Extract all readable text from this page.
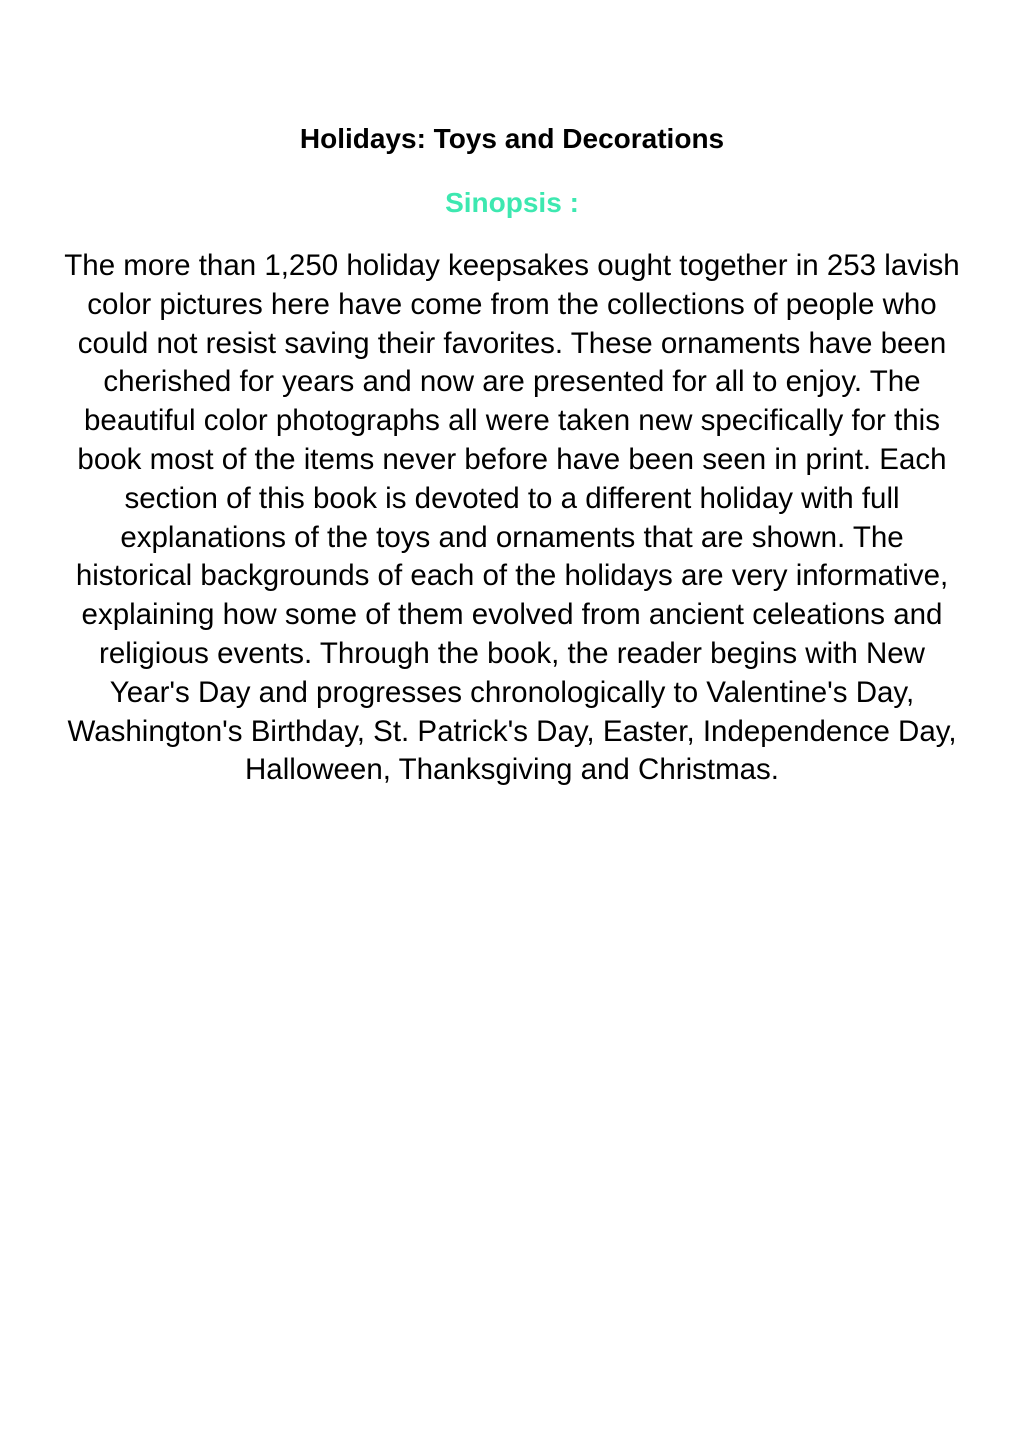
Holidays: Toys and Decorations
Sinopsis :
The more than 1,250 holiday keepsakes ought together in 253 lavish color pictures here have come from the collections of people who could not resist saving their favorites. These ornaments have been cherished for years and now are presented for all to enjoy. The beautiful color photographs all were taken new specifically for this book most of the items never before have been seen in print. Each section of this book is devoted to a different holiday with full explanations of the toys and ornaments that are shown. The historical backgrounds of each of the holidays are very informative, explaining how some of them evolved from ancient celeations and religious events. Through the book, the reader begins with New Year's Day and progresses chronologically to Valentine's Day, Washington's Birthday, St. Patrick's Day, Easter, Independence Day, Halloween, Thanksgiving and Christmas.
